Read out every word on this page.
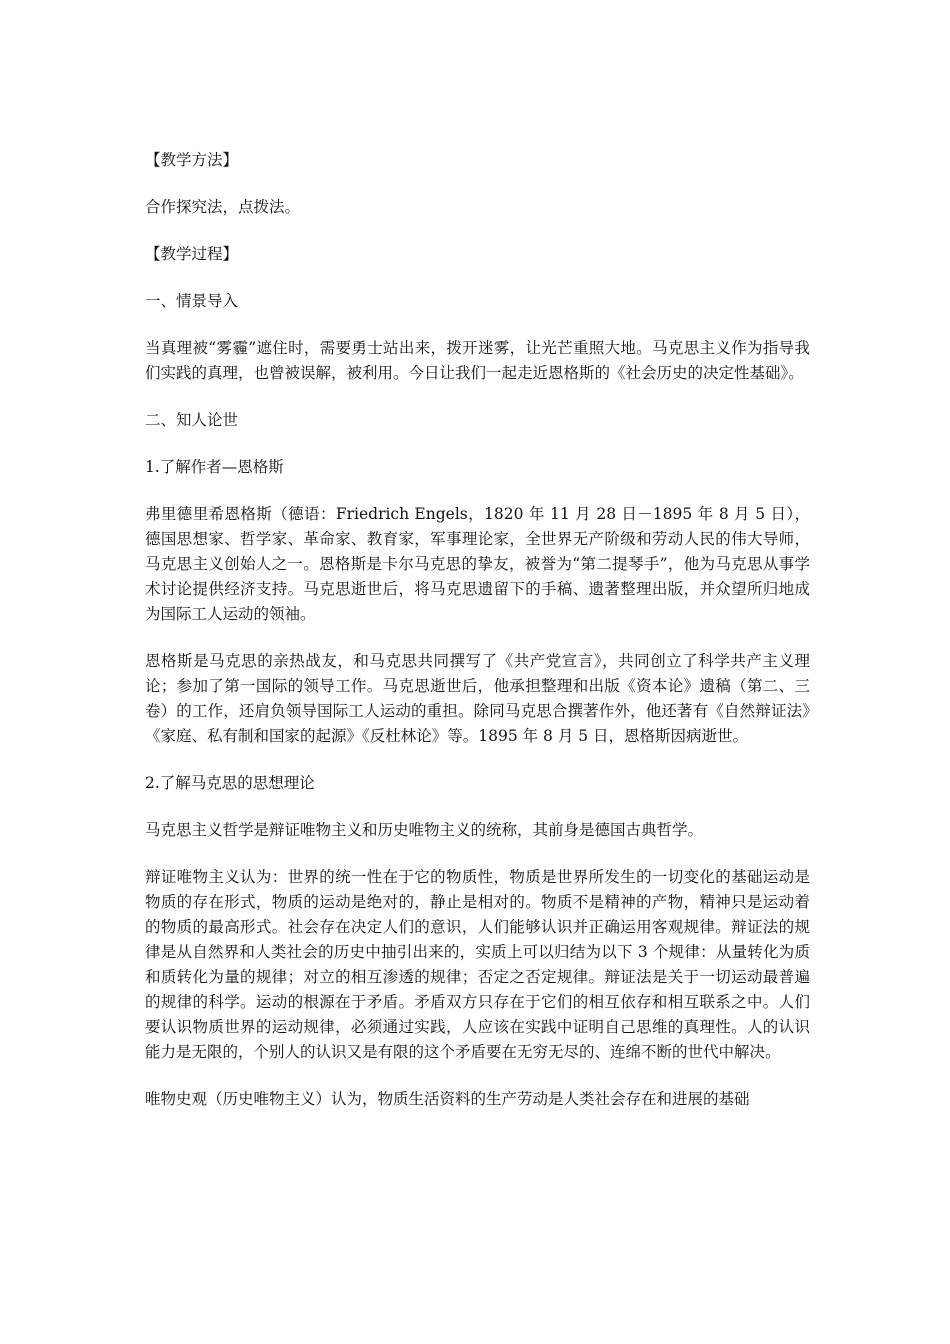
【教学方法】

合作探究法，点拨法。

【教学过程】

一、情景导入

当真理被“雾霾”遮住时，需要勇士站出来，拨开迷雾，让光芒重照大地。马克思主义作为指导我们实践的真理，也曾被误解，被利用。今日让我们一起走近恩格斯的《社会历史的决定性基础》。

二、知人论世

1.了解作者—恩格斯

弗里德里希恩格斯（德语：Friedrich Engels，1820 年 11 月 28 日－1895 年 8 月 5 日），德国思想家、哲学家、革命家、教育家，军事理论家，全世界无产阶级和劳动人民的伟大导师，马克思主义创始人之一。恩格斯是卡尔马克思的挚友，被誉为“第二提琴手”，他为马克思从事学术讨论提供经济支持。马克思逝世后，将马克思遗留下的手稿、遗著整理出版，并众望所归地成为国际工人运动的领袖。

恩格斯是马克思的亲热战友，和马克思共同撰写了《共产党宣言》，共同创立了科学共产主义理论；参加了第一国际的领导工作。马克思逝世后，他承担整理和出版《资本论》遗稿（第二、三卷）的工作，还肩负领导国际工人运动的重担。除同马克思合撰著作外，他还著有《自然辩证法》《家庭、私有制和国家的起源》《反杜林论》等。1895 年 8 月 5 日，恩格斯因病逝世。

2.了解马克思的思想理论

马克思主义哲学是辩证唯物主义和历史唯物主义的统称，其前身是德国古典哲学。

辩证唯物主义认为：世界的统一性在于它的物质性，物质是世界所发生的一切变化的基础运动是物质的存在形式，物质的运动是绝对的，静止是相对的。物质不是精神的产物，精神只是运动着的物质的最高形式。社会存在决定人们的意识，人们能够认识并正确运用客观规律。辩证法的规律是从自然界和人类社会的历史中抽引出来的，实质上可以归结为以下 3 个规律：从量转化为质和质转化为量的规律；对立的相互渗透的规律；否定之否定规律。辩证法是关于一切运动最普遍的规律的科学。运动的根源在于矛盾。矛盾双方只存在于它们的相互依存和相互联系之中。人们要认识物质世界的运动规律，必须通过实践，人应该在实践中证明自己思维的真理性。人的认识能力是无限的，个别人的认识又是有限的这个矛盾要在无穷无尽的、连绵不断的世代中解决。

唯物史观（历史唯物主义）认为，物质生活资料的生产劳动是人类社会存在和进展的基础
